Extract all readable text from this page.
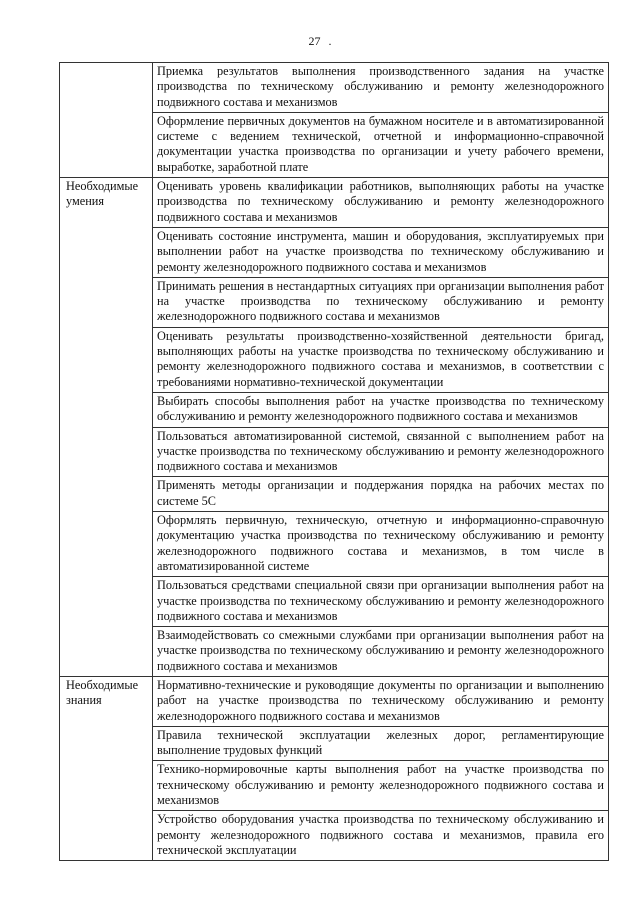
27 .
	Приемка результатов выполнения производственного задания на участке производства по техническому обслуживанию и ремонту железнодорожного подвижного состава и механизмов
	Оформление первичных документов на бумажном носителе и в автоматизированной системе с ведением технической, отчетной и информационно-справочной документации участка производства по организации и учету рабочего времени, выработке, заработной плате
Необходимые умения	Оценивать уровень квалификации работников, выполняющих работы на участке производства по техническому обслуживанию и ремонту железнодорожного подвижного состава и механизмов
	Оценивать состояние инструмента, машин и оборудования, эксплуатируемых при выполнении работ на участке производства по техническому обслуживанию и ремонту железнодорожного подвижного состава и механизмов
	Принимать решения в нестандартных ситуациях при организации выполнения работ на участке производства по техническому обслуживанию и ремонту железнодорожного подвижного состава и механизмов
	Оценивать результаты производственно-хозяйственной деятельности бригад, выполняющих работы на участке производства по техническому обслуживанию и ремонту железнодорожного подвижного состава и механизмов, в соответствии с требованиями нормативно-технической документации
	Выбирать способы выполнения работ на участке производства по техническому обслуживанию и ремонту железнодорожного подвижного состава и механизмов
	Пользоваться автоматизированной системой, связанной с выполнением работ на участке производства по техническому обслуживанию и ремонту железнодорожного подвижного состава и механизмов
	Применять методы организации и поддержания порядка на рабочих местах по системе 5С
	Оформлять первичную, техническую, отчетную и информационно-справочную документацию участка производства по техническому обслуживанию и ремонту железнодорожного подвижного состава и механизмов, в том числе в автоматизированной системе
	Пользоваться средствами специальной связи при организации выполнения работ на участке производства по техническому обслуживанию и ремонту железнодорожного подвижного состава и механизмов
	Взаимодействовать со смежными службами при организации выполнения работ на участке производства по техническому обслуживанию и ремонту железнодорожного подвижного состава и механизмов
Необходимые знания	Нормативно-технические и руководящие документы по организации и выполнению работ на участке производства по техническому обслуживанию и ремонту железнодорожного подвижного состава и механизмов
	Правила технической эксплуатации железных дорог, регламентирующие выполнение трудовых функций
	Технико-нормировочные карты выполнения работ на участке производства по техническому обслуживанию и ремонту железнодорожного подвижного состава и механизмов
	Устройство оборудования участка производства по техническому обслуживанию и ремонту железнодорожного подвижного состава и механизмов, правила его технической эксплуатации
